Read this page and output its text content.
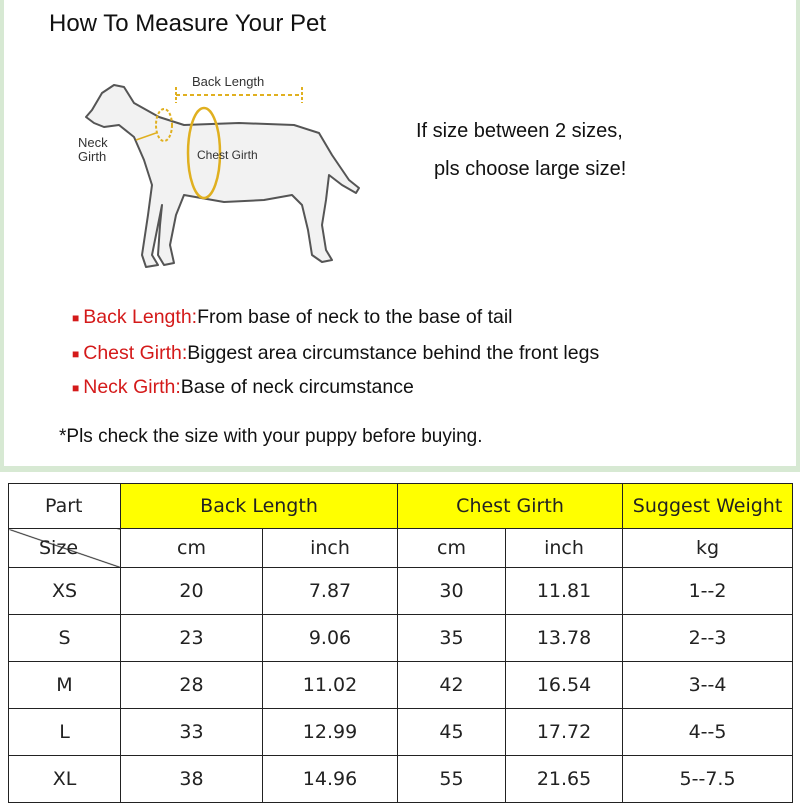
How To Measure Your Pet
Back Length
Neck
Girth	Chest Girth
If size between 2 sizes,
pls choose large size!
■ Back Length:From base of neck to the base of tail
■ Chest Girth:Biggest area circumstance behind the front legs
■ Neck Girth:Base of neck circumstance
*Pls check the size with your puppy before buying.
Part	Back Length		Chest Girth		Suggest Weight
Size	cm	inch	cm	inch	kg
XS	20	7.87	30	11.81	1--2
S	23	9.06	35	13.78	2--3
M	28	11.02	42	16.54	3--4
L	33	12.99	45	17.72	4--5
XL	38	14.96	55	21.65	5--7.5
